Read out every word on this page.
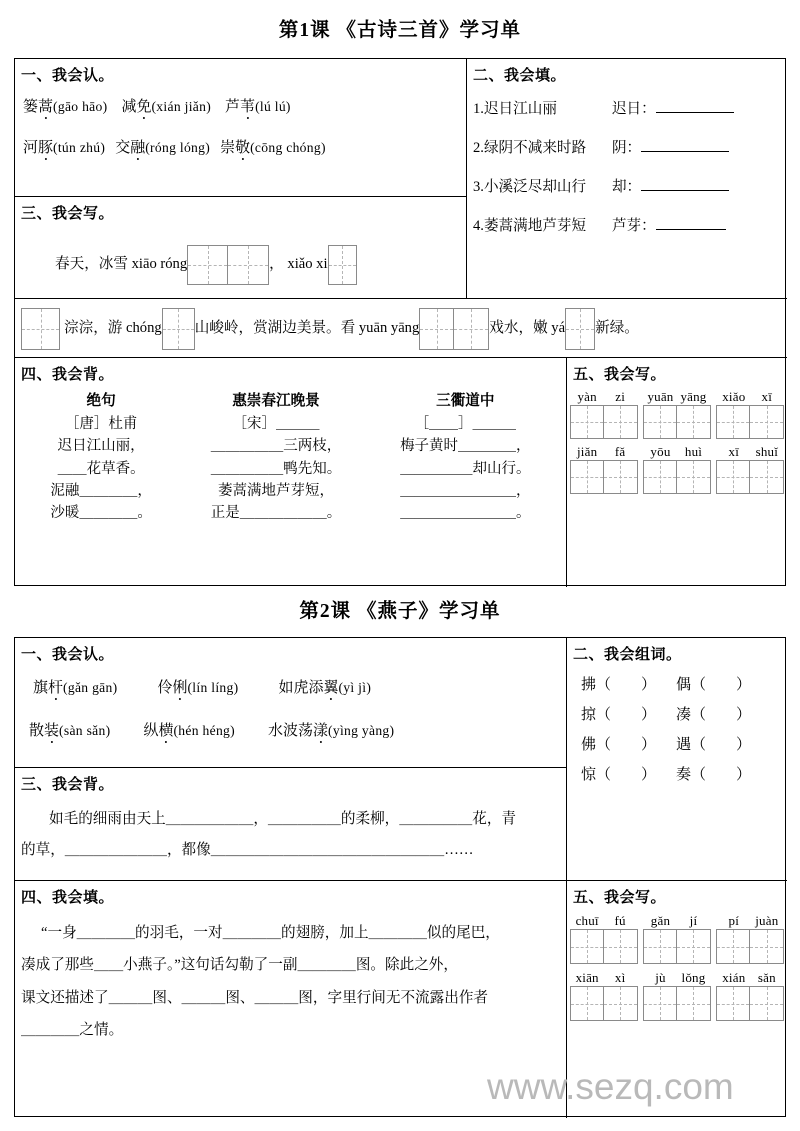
第1课 《古诗三首》学习单
一、我会认。
篓蒿(gāo hāo) 减免(xián jiǎn) 芦苇(lú lú)
河豚(tún zhú) 交融(róng lóng) 崇敬(cōng chóng)
二、我会填。
1. 迟日江山丽	迟日：
2. 绿阴不减来时路	阴：
3. 小溪泛尽却山行	却：
4. 萎蒿满地芦芽短	芦芽：
三、我会写。
春天，冰雪 xiāo róng	， xiǎo xi
淙淙，游 chóng 山峻岭，赏湖边美景。看 yuān yāng	戏水，嫩 yá 新绿。
四、我会背。
绝句
［唐］杜甫
迟日江山丽，
＿＿花草香。
泥融＿＿＿＿，
沙暖＿＿＿＿。
惠崇春江晚景
［宋］＿＿＿
＿＿＿＿＿三两枝，
＿＿＿＿＿鸭先知。
萎蒿满地芦芽短，
正是＿＿＿＿＿＿。
三衢道中
［＿＿］＿＿＿
梅子黄时＿＿＿＿，
＿＿＿＿＿却山行。
＿＿＿＿＿＿＿＿，
＿＿＿＿＿＿＿＿。
五、我会写。
yàn zi	yuān yāng	xiǎo xī
jiǎn fǎ	yōu huì	xī shuǐ
第2课 《燕子》学习单
一、我会认。
旗杆(gǎn gān)	伶俐(lín líng)	如虎添翼(yì jì)
散装(sàn sǎn) 纵横(hén héng) 水波荡漾(yìng yàng)
二、我会组词。
拂（　　）	偶（　　）
掠（　　）	凑（　　）
佛（　　）	遇（　　）
惊（　　）	奏（　　）
三、我会背。
如毛的细雨由天上＿＿＿＿＿＿，＿＿＿＿＿的柔柳，＿＿＿＿＿花，青
的草，＿＿＿＿＿＿＿，都像＿＿＿＿＿＿＿＿＿＿＿＿＿＿＿＿……
四、我会填。
“一身＿＿＿＿的羽毛，一对＿＿＿＿的翅膀，加上＿＿＿＿似的尾巴，
凑成了那些＿＿小燕子。”这句话勾勒了一副＿＿＿＿图。除此之外，
课文还描述了＿＿＿图、＿＿＿图、＿＿＿图，字里行间无不流露出作者
＿＿＿＿之情。
五、我会写。
chuī fú	gǎn jí	pí juàn
xiān xì	jù lǒng	xián sǎn
www.sezq.com
